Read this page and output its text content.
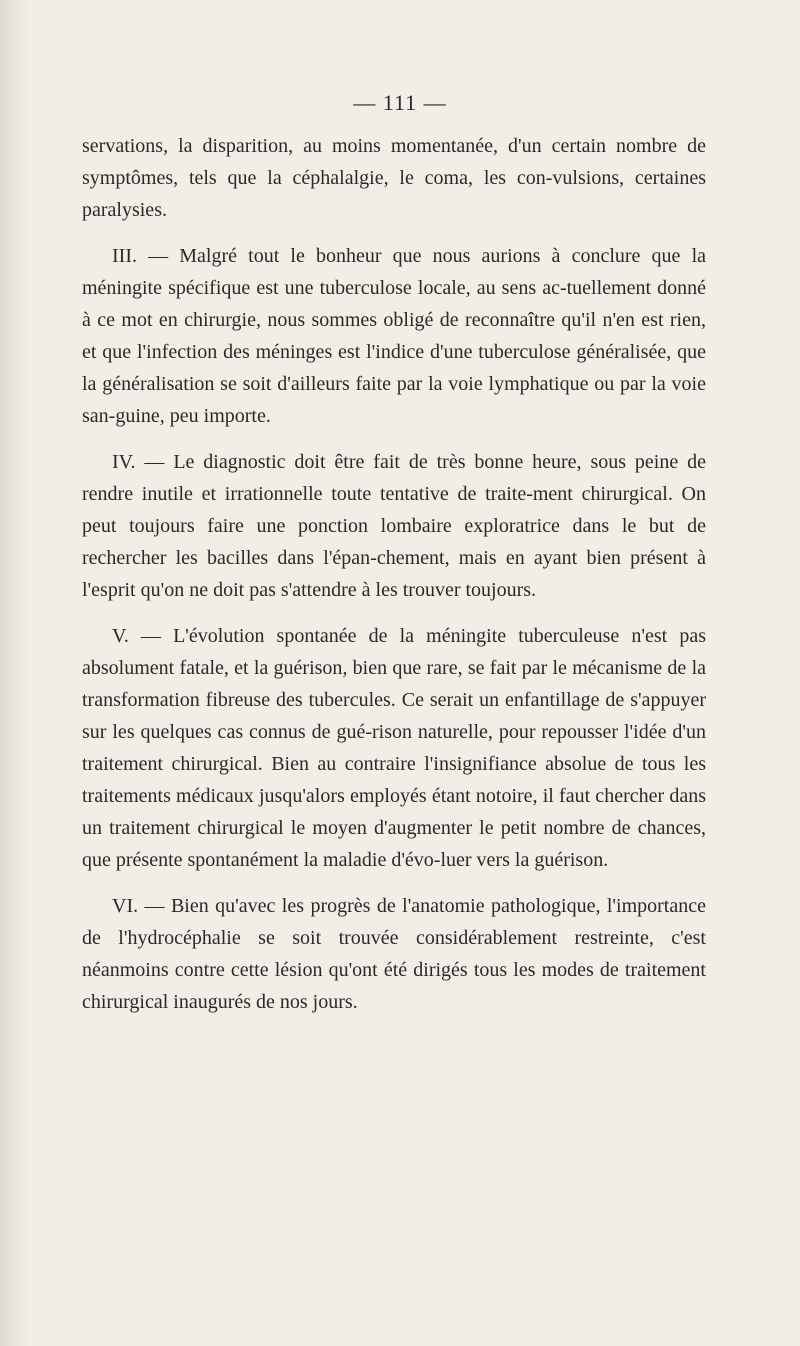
— 111 —

servations, la disparition, au moins momentanée, d'un certain nombre de symptômes, tels que la céphalalgie, le coma, les con-vulsions, certaines paralysies.

III. — Malgré tout le bonheur que nous aurions à conclure que la méningite spécifique est une tuberculose locale, au sens ac-tuellement donné à ce mot en chirurgie, nous sommes obligé de reconnaître qu'il n'en est rien, et que l'infection des méninges est l'indice d'une tuberculose généralisée, que la généralisation se soit d'ailleurs faite par la voie lymphatique ou par la voie san-guine, peu importe.

IV. — Le diagnostic doit être fait de très bonne heure, sous peine de rendre inutile et irrationnelle toute tentative de traite-ment chirurgical. On peut toujours faire une ponction lombaire exploratrice dans le but de rechercher les bacilles dans l'épan-chement, mais en ayant bien présent à l'esprit qu'on ne doit pas s'attendre à les trouver toujours.

V. — L'évolution spontanée de la méningite tuberculeuse n'est pas absolument fatale, et la guérison, bien que rare, se fait par le mécanisme de la transformation fibreuse des tubercules. Ce serait un enfantillage de s'appuyer sur les quelques cas connus de gué-rison naturelle, pour repousser l'idée d'un traitement chirurgical. Bien au contraire l'insignifiance absolue de tous les traitements médicaux jusqu'alors employés étant notoire, il faut chercher dans un traitement chirurgical le moyen d'augmenter le petit nombre de chances, que présente spontanément la maladie d'évo-luer vers la guérison.

VI. — Bien qu'avec les progrès de l'anatomie pathologique, l'importance de l'hydrocéphalie se soit trouvée considérablement restreinte, c'est néanmoins contre cette lésion qu'ont été dirigés tous les modes de traitement chirurgical inaugurés de nos jours.
